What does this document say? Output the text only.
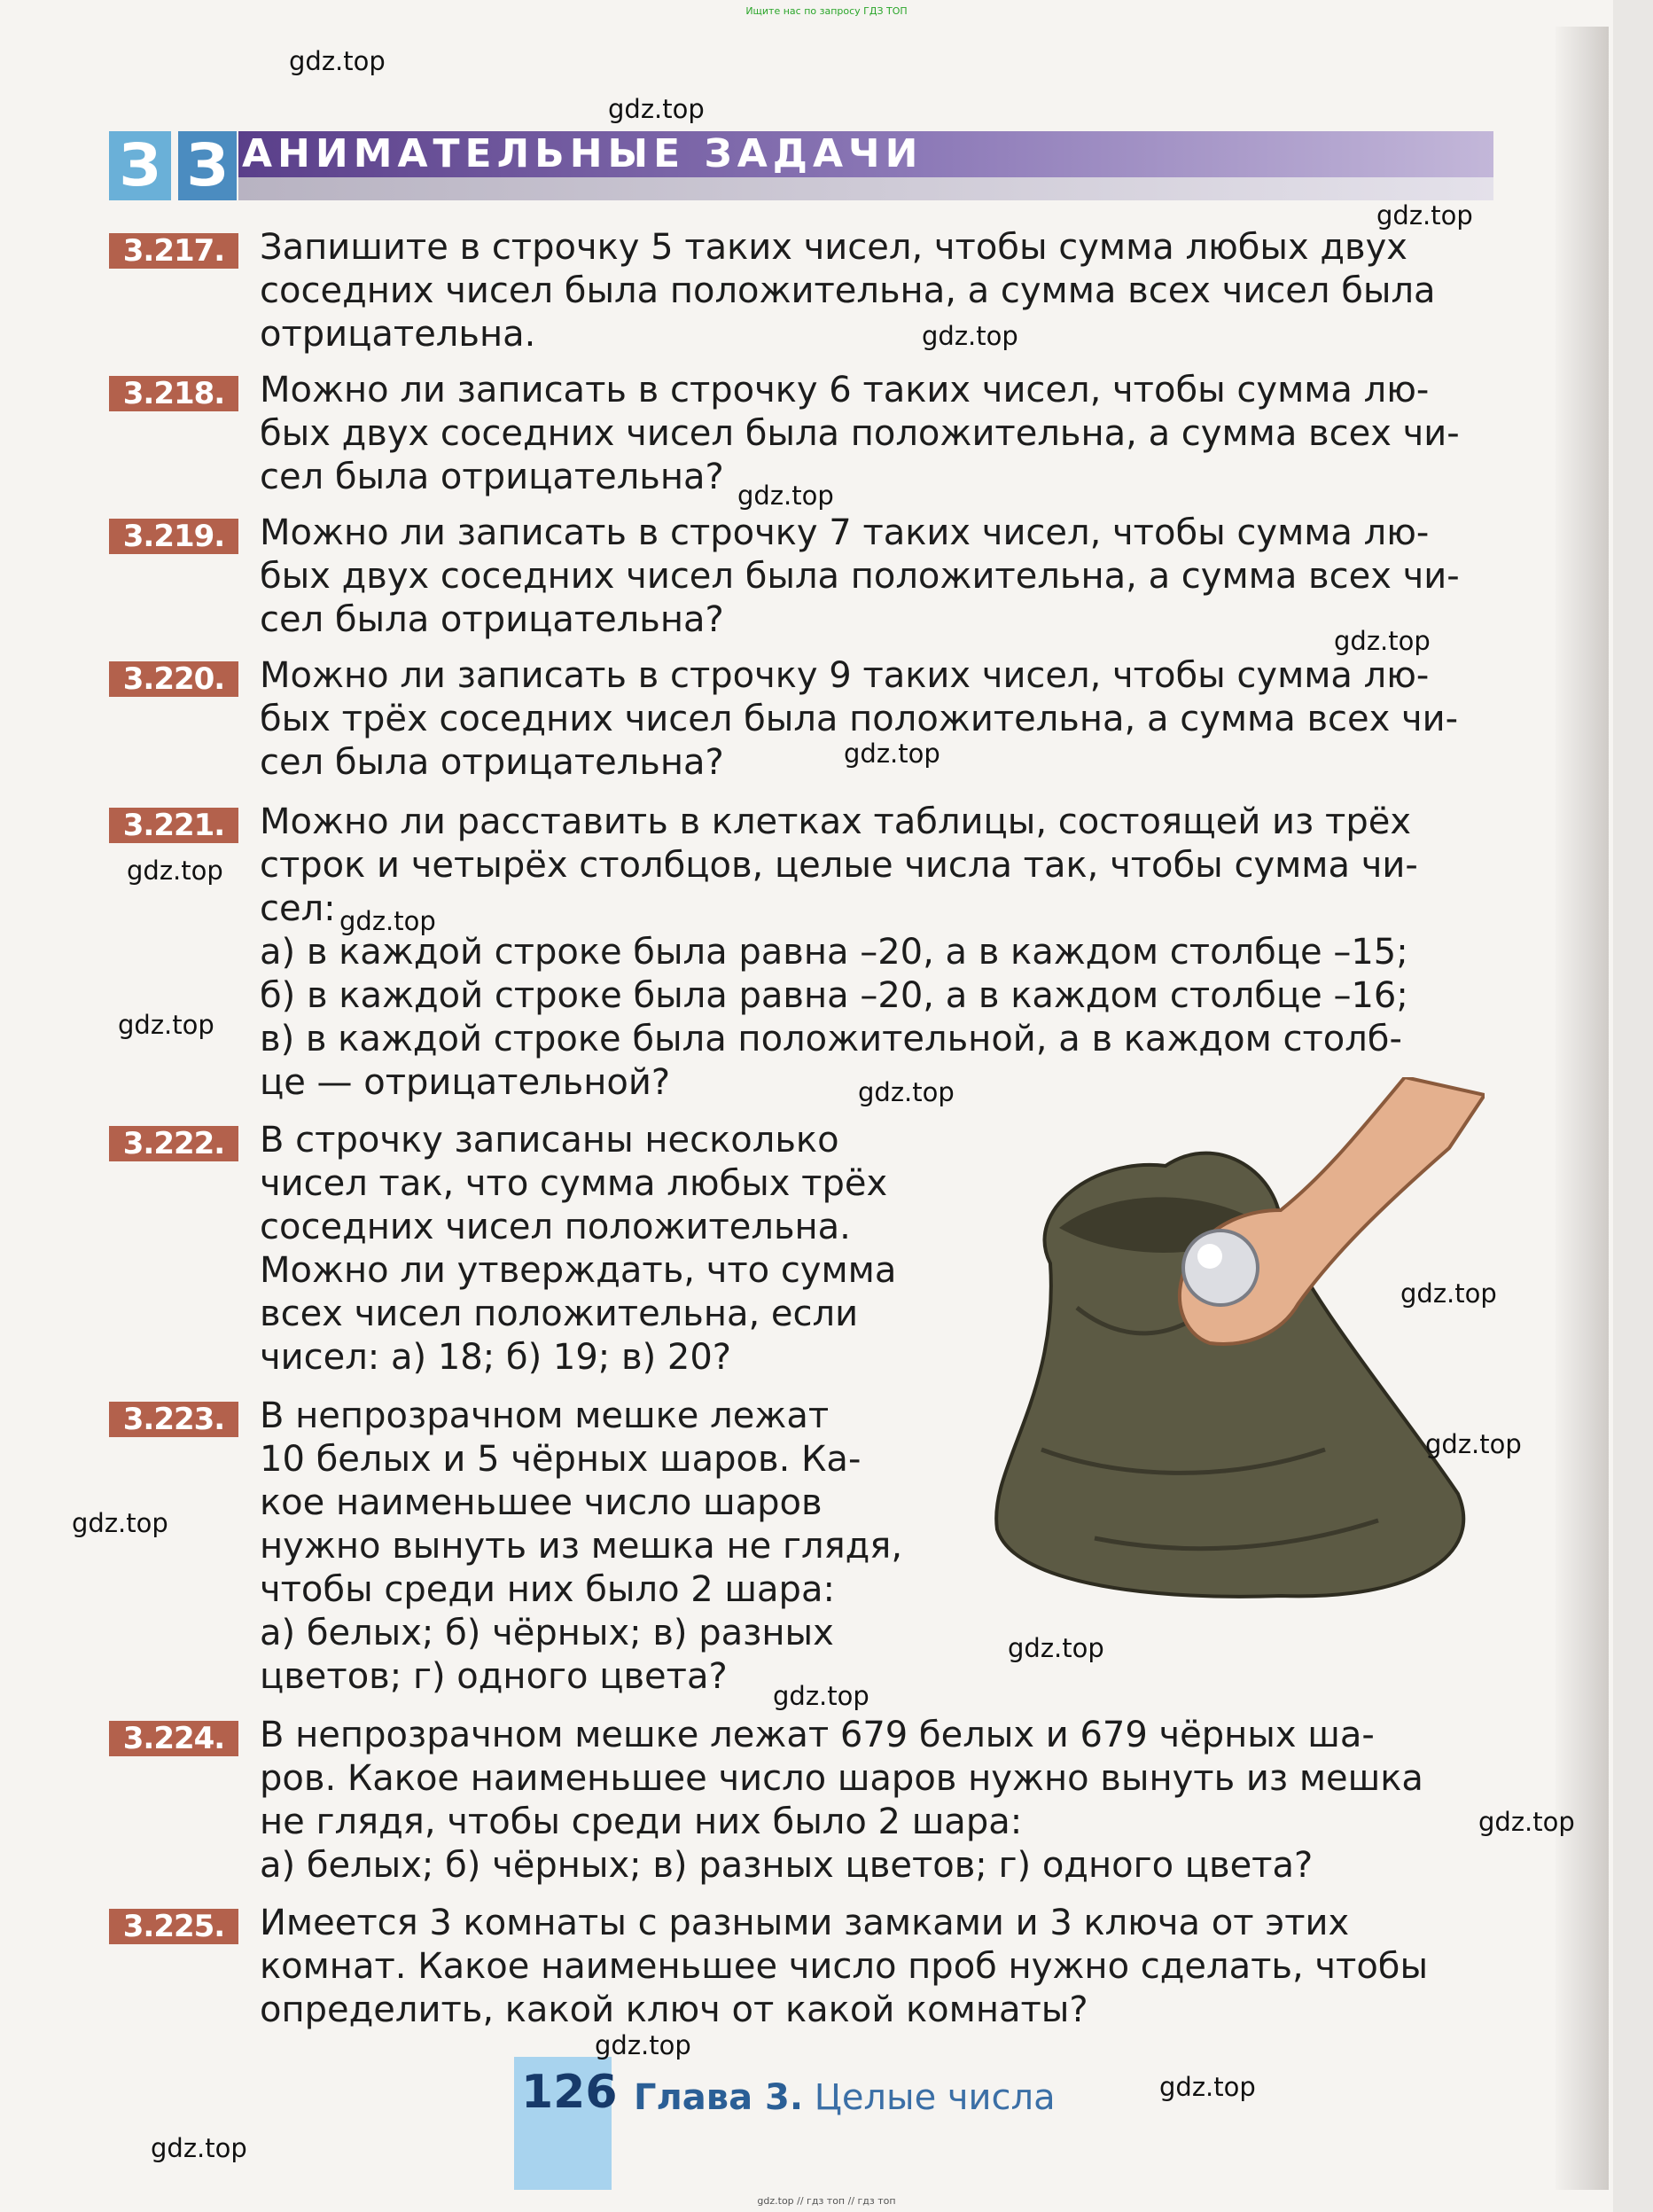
Ищите нас по запросу ГДЗ ТОП
З З АНИМАТЕЛЬНЫЕ ЗАДАЧИ
3.217. Запишите в строчку 5 таких чисел, чтобы сумма любых двух
соседних чисел была положительна, а сумма всех чисел была
отрицательна.
3.218. Можно ли записать в строчку 6 таких чисел, чтобы сумма лю-
бых двух соседних чисел была положительна, а сумма всех чи-
сел была отрицательна?
3.219. Можно ли записать в строчку 7 таких чисел, чтобы сумма лю-
бых двух соседних чисел была положительна, а сумма всех чи-
сел была отрицательна?
3.220. Можно ли записать в строчку 9 таких чисел, чтобы сумма лю-
бых трёх соседних чисел была положительна, а сумма всех чи-
сел была отрицательна?
3.221. Можно ли расставить в клетках таблицы, состоящей из трёх
строк и четырёх столбцов, целые числа так, чтобы сумма чи-
сел:
а) в каждой строке была равна –20, а в каждом столбце –15;
б) в каждой строке была равна –20, а в каждом столбце –16;
в) в каждой строке была положительной, а в каждом столб-
це — отрицательной?
3.222. В строчку записаны несколько
чисел так, что сумма любых трёх
соседних чисел положительна.
Можно ли утверждать, что сумма
всех чисел положительна, если
чисел: а) 18; б) 19; в) 20?
3.223. В непрозрачном мешке лежат
10 белых и 5 чёрных шаров. Ка-
кое наименьшее число шаров
нужно вынуть из мешка не глядя,
чтобы среди них было 2 шара:
а) белых; б) чёрных; в) разных
цветов; г) одного цвета?
3.224. В непрозрачном мешке лежат 679 белых и 679 чёрных ша-
ров. Какое наименьшее число шаров нужно вынуть из мешка
не глядя, чтобы среди них было 2 шара:
а) белых; б) чёрных; в) разных цветов; г) одного цвета?
3.225. Имеется 3 комнаты с разными замками и 3 ключа от этих
комнат. Какое наименьшее число проб нужно сделать, чтобы
определить, какой ключ от какой комнаты?
126 Глава 3. Целые числа
gdz.top
gdz.top
gdz.top
gdz.top
gdz.top
gdz.top
gdz.top
gdz.top
gdz.top
gdz.top
gdz.top
gdz.top
gdz.top
gdz.top
gdz.top
gdz.top
gdz.top
gdz.top
gdz.top
gdz.top
gdz.top // гдз топ // гдз топ
